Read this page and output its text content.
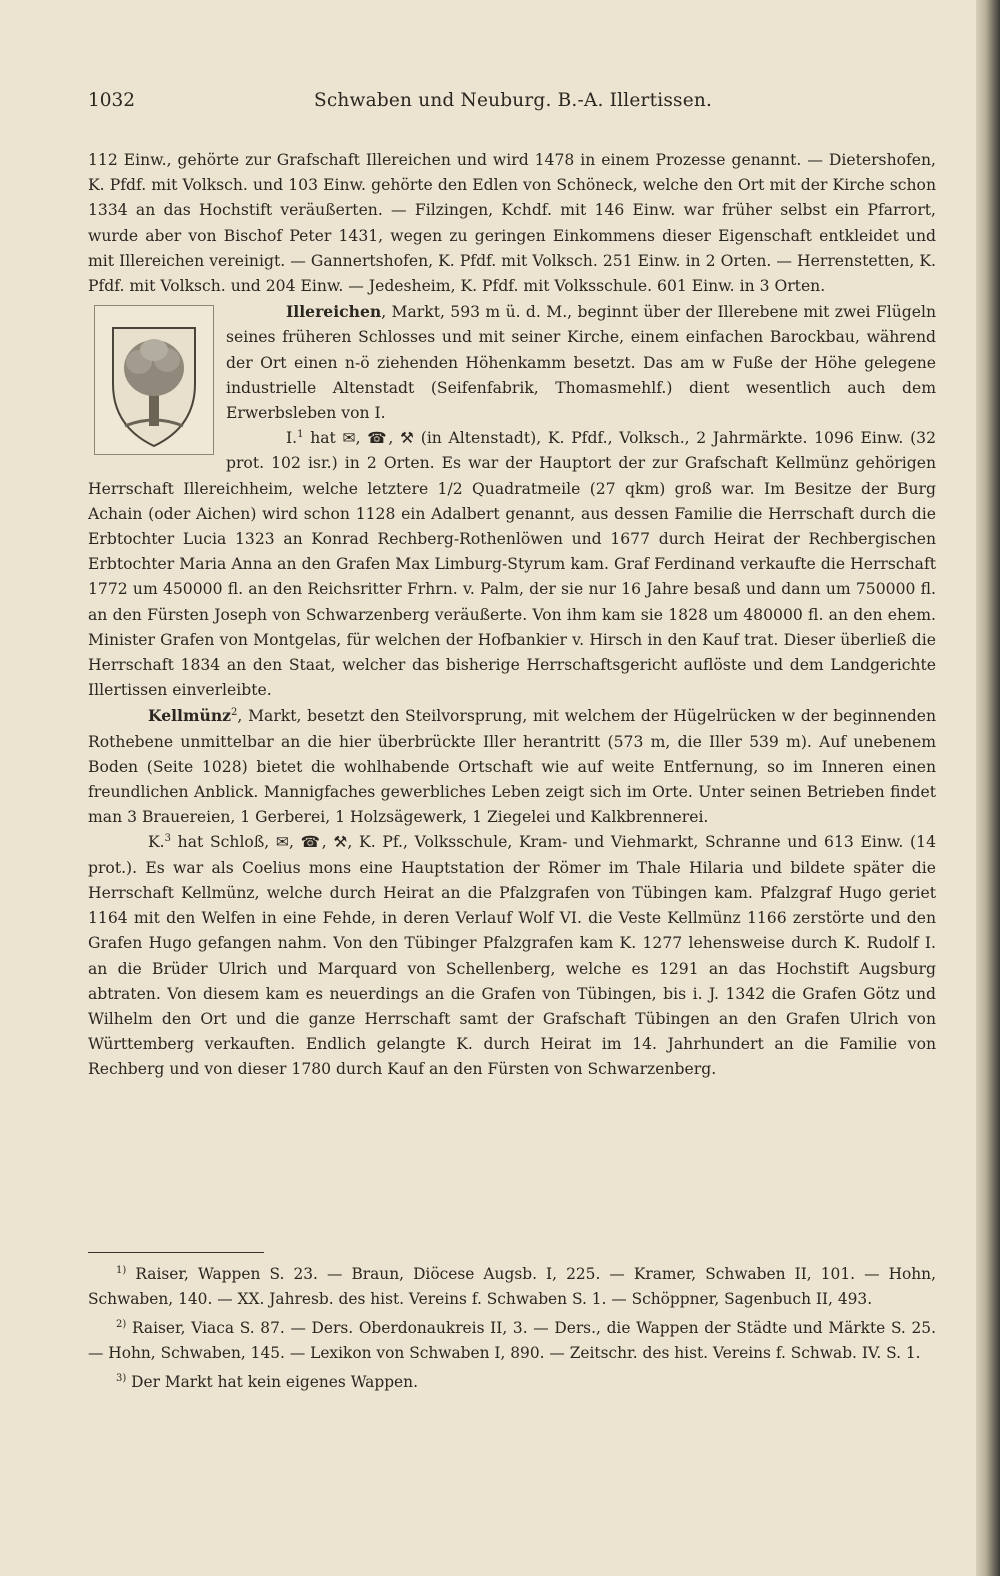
1032	Schwaben und Neuburg. B.-A. Illertissen.

112 Einw., gehörte zur Grafschaft Illereichen und wird 1478 in einem Prozesse genannt. — Dietershofen, K. Pfdf. mit Volksch. und 103 Einw. gehörte den Edlen von Schöneck, welche den Ort mit der Kirche schon 1334 an das Hochstift veräußerten. — Filzingen, Kchdf. mit 146 Einw. war früher selbst ein Pfarrort, wurde aber von Bischof Peter 1431, wegen zu geringen Einkommens dieser Eigenschaft entkleidet und mit Illereichen vereinigt. — Gannertshofen, K. Pfdf. mit Volksch. 251 Einw. in 2 Orten. — Herrenstetten, K. Pfdf. mit Volksch. und 204 Einw. — Jedesheim, K. Pfdf. mit Volksschule. 601 Einw. in 3 Orten.

Illereichen, Markt, 593 m ü. d. M., beginnt über der Illerebene mit zwei Flügeln seines früheren Schlosses und mit seiner Kirche, einem einfachen Barockbau, während der Ort einen n-ö ziehenden Höhenkamm besetzt. Das am w Fuße der Höhe gelegene industrielle Altenstadt (Seifenfabrik, Thomasmehlf.) dient wesentlich auch dem Erwerbsleben von I.

I.$^1$ hat ✉, ☎, ⚒ (in Altenstadt), K. Pfdf., Volksch., 2 Jahrmärkte. 1096 Einw. (32 prot. 102 isr.) in 2 Orten. Es war der Hauptort der zur Grafschaft Kellmünz gehörigen Herrschaft Illereichheim, welche letztere 1/2 Quadratmeile (27 qkm) groß war. Im Besitze der Burg Achain (oder Aichen) wird schon 1128 ein Adalbert genannt, aus dessen Familie die Herrschaft durch die Erbtochter Lucia 1323 an Konrad Rechberg-Rothenlöwen und 1677 durch Heirat der Rechbergischen Erbtochter Maria Anna an den Grafen Max Limburg-Styrum kam. Graf Ferdinand verkaufte die Herrschaft 1772 um 450000 fl. an den Reichsritter Frhrn. v. Palm, der sie nur 16 Jahre besaß und dann um 750000 fl. an den Fürsten Joseph von Schwarzenberg veräußerte. Von ihm kam sie 1828 um 480000 fl. an den ehem. Minister Grafen von Montgelas, für welchen der Hofbankier v. Hirsch in den Kauf trat. Dieser überließ die Herrschaft 1834 an den Staat, welcher das bisherige Herrschaftsgericht auflöste und dem Landgerichte Illertissen einverleibte.

Kellmünz$^2$, Markt, besetzt den Steilvorsprung, mit welchem der Hügelrücken w der beginnenden Rothebene unmittelbar an die hier überbrückte Iller herantritt (573 m, die Iller 539 m). Auf unebenem Boden (Seite 1028) bietet die wohlhabende Ortschaft wie auf weite Entfernung, so im Inneren einen freundlichen Anblick. Mannigfaches gewerbliches Leben zeigt sich im Orte. Unter seinen Betrieben findet man 3 Brauereien, 1 Gerberei, 1 Holzsägewerk, 1 Ziegelei und Kalkbrennerei.

K.$^3$ hat Schloß, ✉, ☎, ⚒, K. Pf., Volksschule, Kram- und Viehmarkt, Schranne und 613 Einw. (14 prot.). Es war als Coelius mons eine Hauptstation der Römer im Thale Hilaria und bildete später die Herrschaft Kellmünz, welche durch Heirat an die Pfalzgrafen von Tübingen kam. Pfalzgraf Hugo geriet 1164 mit den Welfen in eine Fehde, in deren Verlauf Wolf VI. die Veste Kellmünz 1166 zerstörte und den Grafen Hugo gefangen nahm. Von den Tübinger Pfalzgrafen kam K. 1277 lehensweise durch K. Rudolf I. an die Brüder Ulrich und Marquard von Schellenberg, welche es 1291 an das Hochstift Augsburg abtraten. Von diesem kam es neuerdings an die Grafen von Tübingen, bis i. J. 1342 die Grafen Götz und Wilhelm den Ort und die ganze Herrschaft samt der Grafschaft Tübingen an den Grafen Ulrich von Württemberg verkauften. Endlich gelangte K. durch Heirat im 14. Jahrhundert an die Familie von Rechberg und von dieser 1780 durch Kauf an den Fürsten von Schwarzenberg.

$^{1)}$ Raiser, Wappen S. 23. — Braun, Diöcese Augsb. I, 225. — Kramer, Schwaben II, 101. — Hohn, Schwaben, 140. — XX. Jahresb. des hist. Vereins f. Schwaben S. 1. — Schöppner, Sagenbuch II, 493.

$^{2)}$ Raiser, Viaca S. 87. — Ders. Oberdonaukreis II, 3. — Ders., die Wappen der Städte und Märkte S. 25. — Hohn, Schwaben, 145. — Lexikon von Schwaben I, 890. — Zeitschr. des hist. Vereins f. Schwab. IV. S. 1.

$^{3)}$ Der Markt hat kein eigenes Wappen.
